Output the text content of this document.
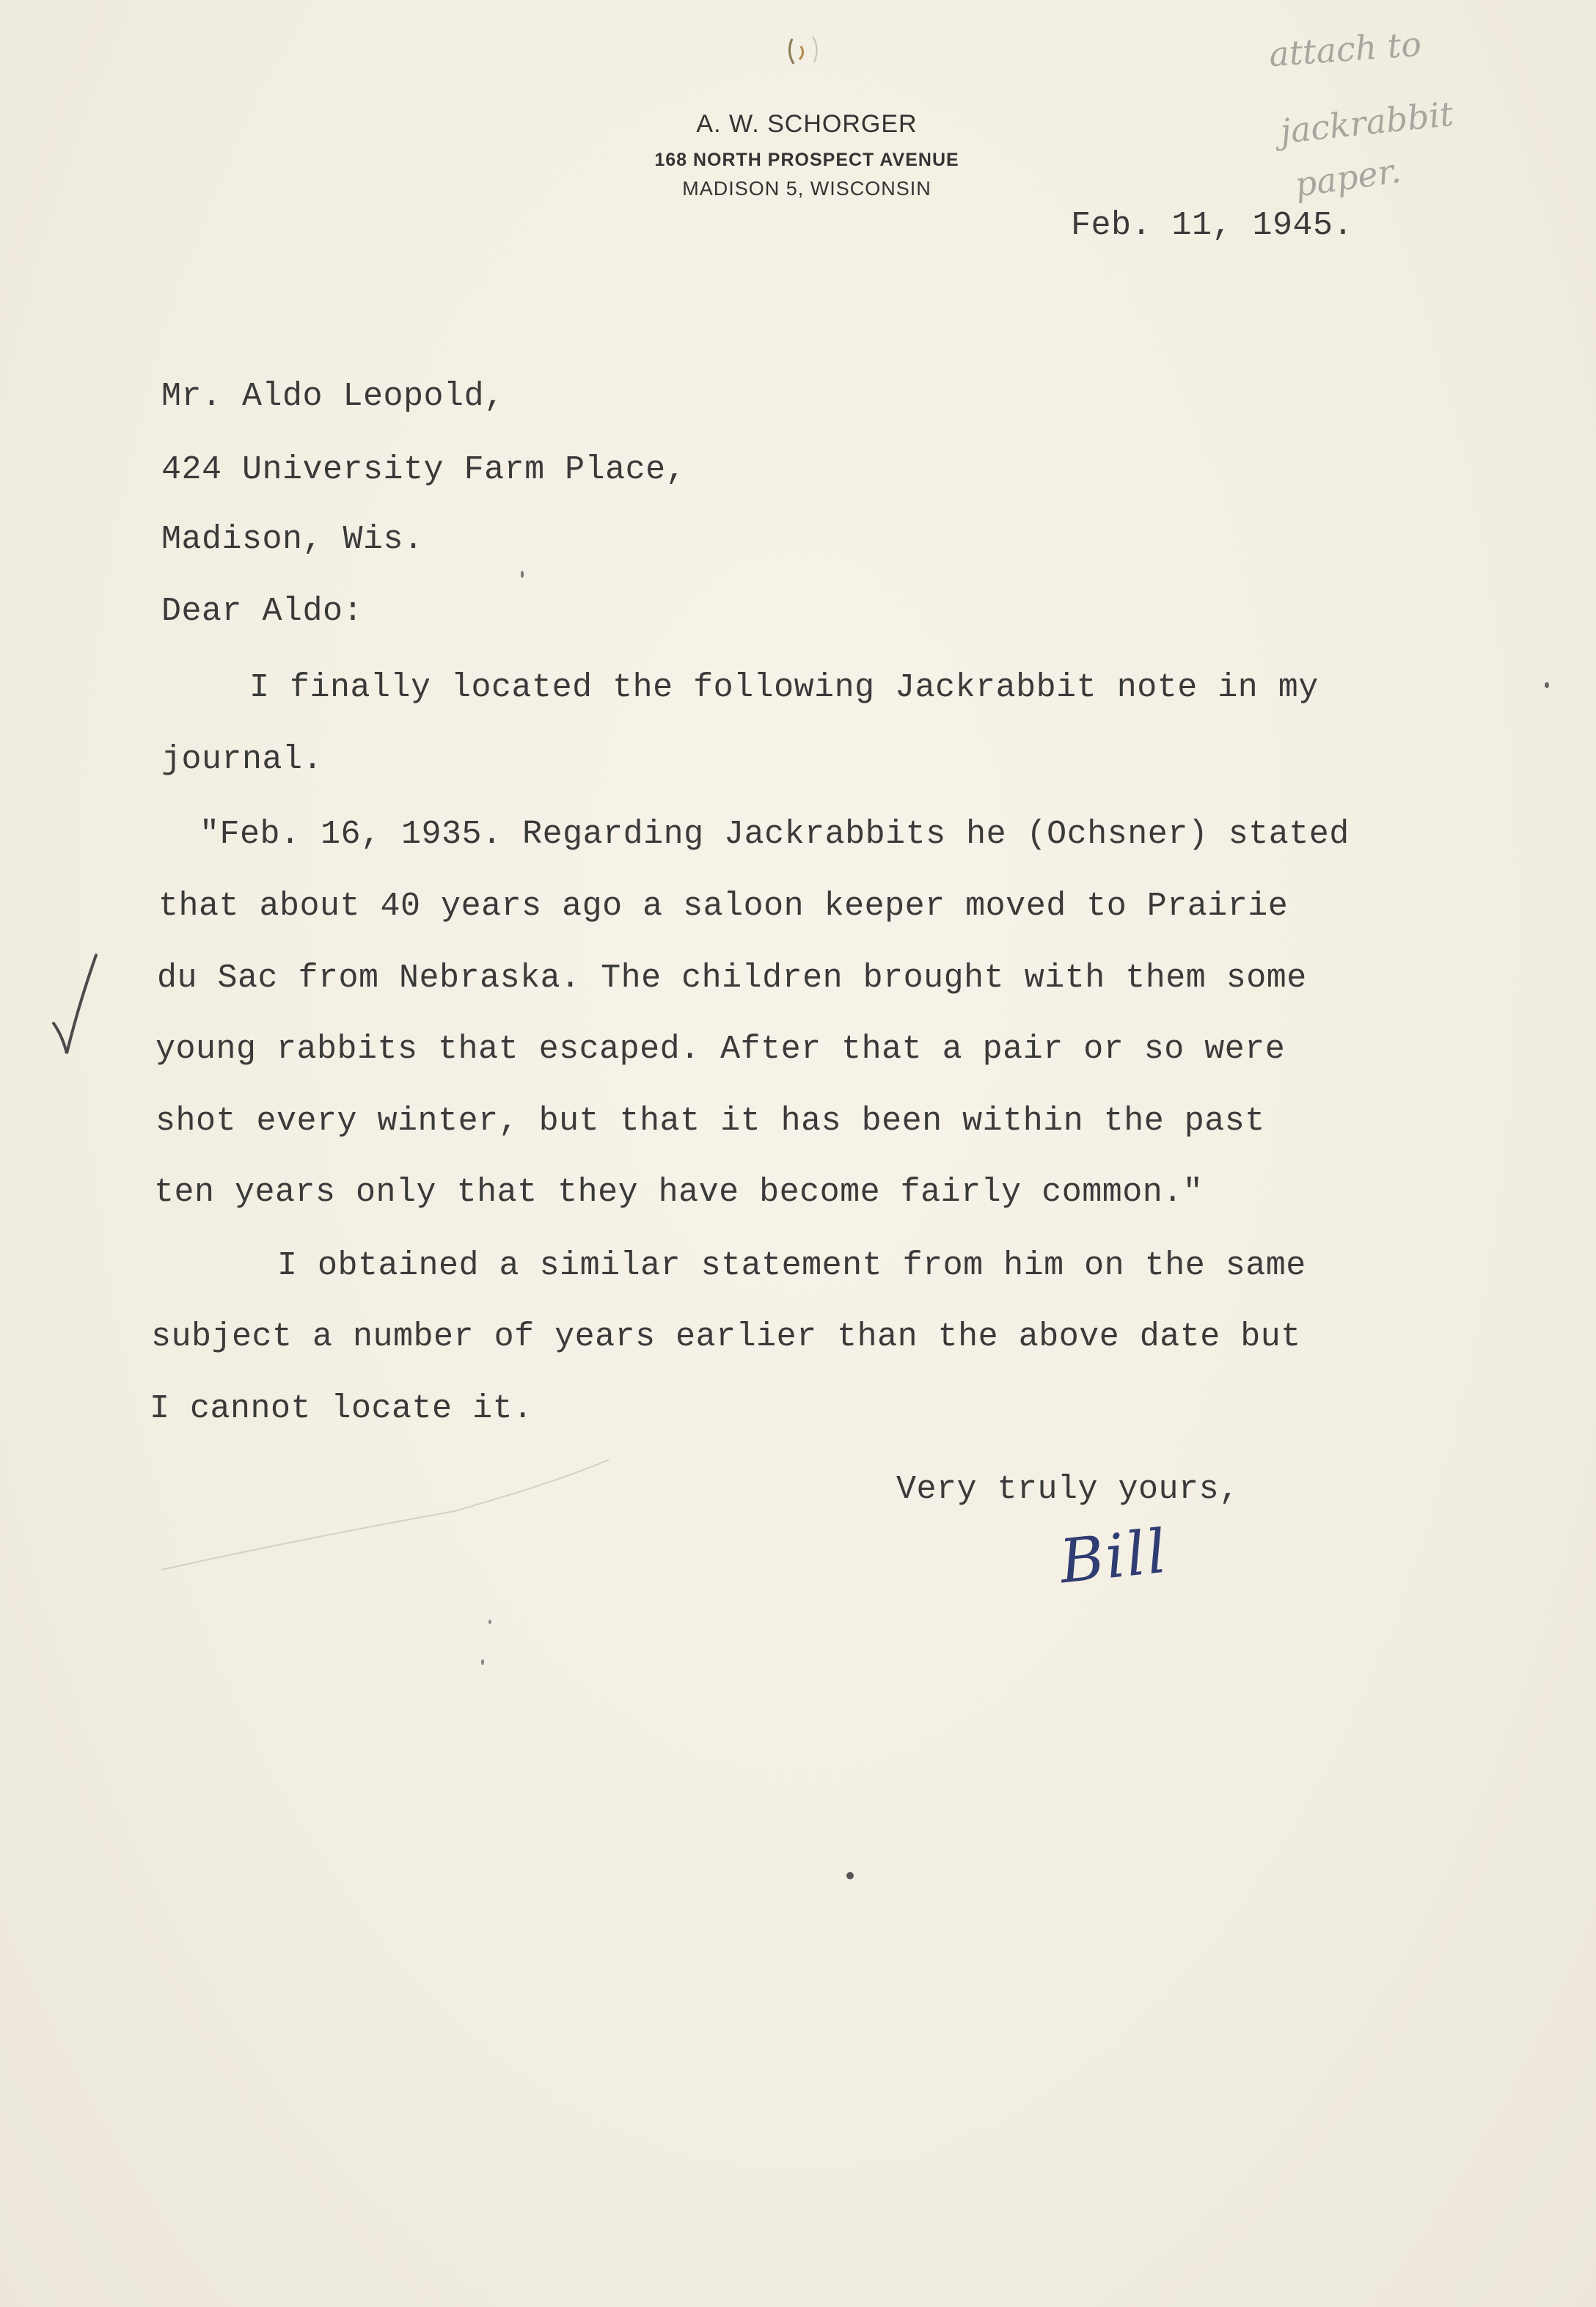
A. W. SCHORGER
168 NORTH PROSPECT AVENUE
MADISON 5, WISCONSIN
attach to
jackrabbit
paper.
Feb. 11, 1945.
Mr. Aldo Leopold,
424 University Farm Place,
Madison, Wis.
Dear Aldo:
I finally located the following Jackrabbit note in my
journal.
"Feb. 16, 1935. Regarding Jackrabbits he (Ochsner) stated
that about 40 years ago a saloon keeper moved to Prairie
du Sac from Nebraska. The children brought with them some
young rabbits that escaped. After that a pair or so were
shot every winter, but that it has been within the past
ten years only that they have become fairly common."
I obtained a similar statement from him on the same
subject a number of years earlier than the above date but
I cannot locate it.
Very truly yours,
Bill
